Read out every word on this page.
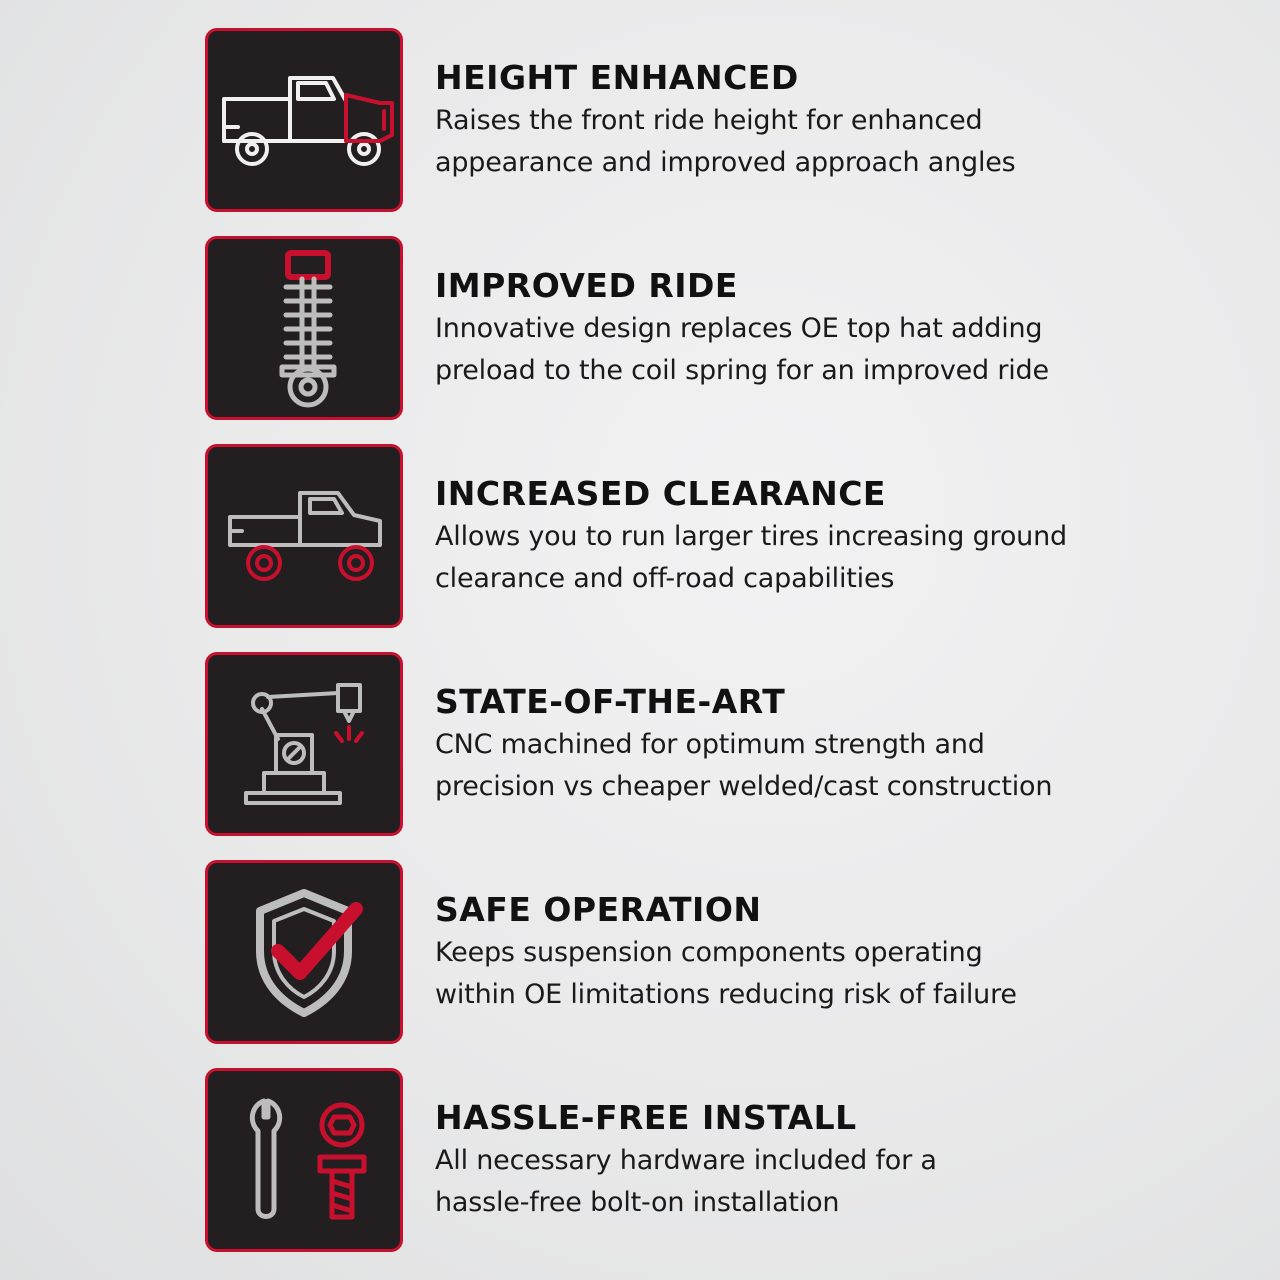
HEIGHT ENHANCED

Raises the front ride height for enhanced
appearance and improved approach angles

IMPROVED RIDE

Innovative design replaces OE top hat adding
preload to the coil spring for an improved ride

INCREASED CLEARANCE

Allows you to run larger tires increasing ground
clearance and off-road capabilities

STATE-OF-THE-ART

CNC machined for optimum strength and
precision vs cheaper welded/cast construction

SAFE OPERATION

Keeps suspension components operating
within OE limitations reducing risk of failure

HASSLE-FREE INSTALL

All necessary hardware included for a
hassle-free bolt-on installation
